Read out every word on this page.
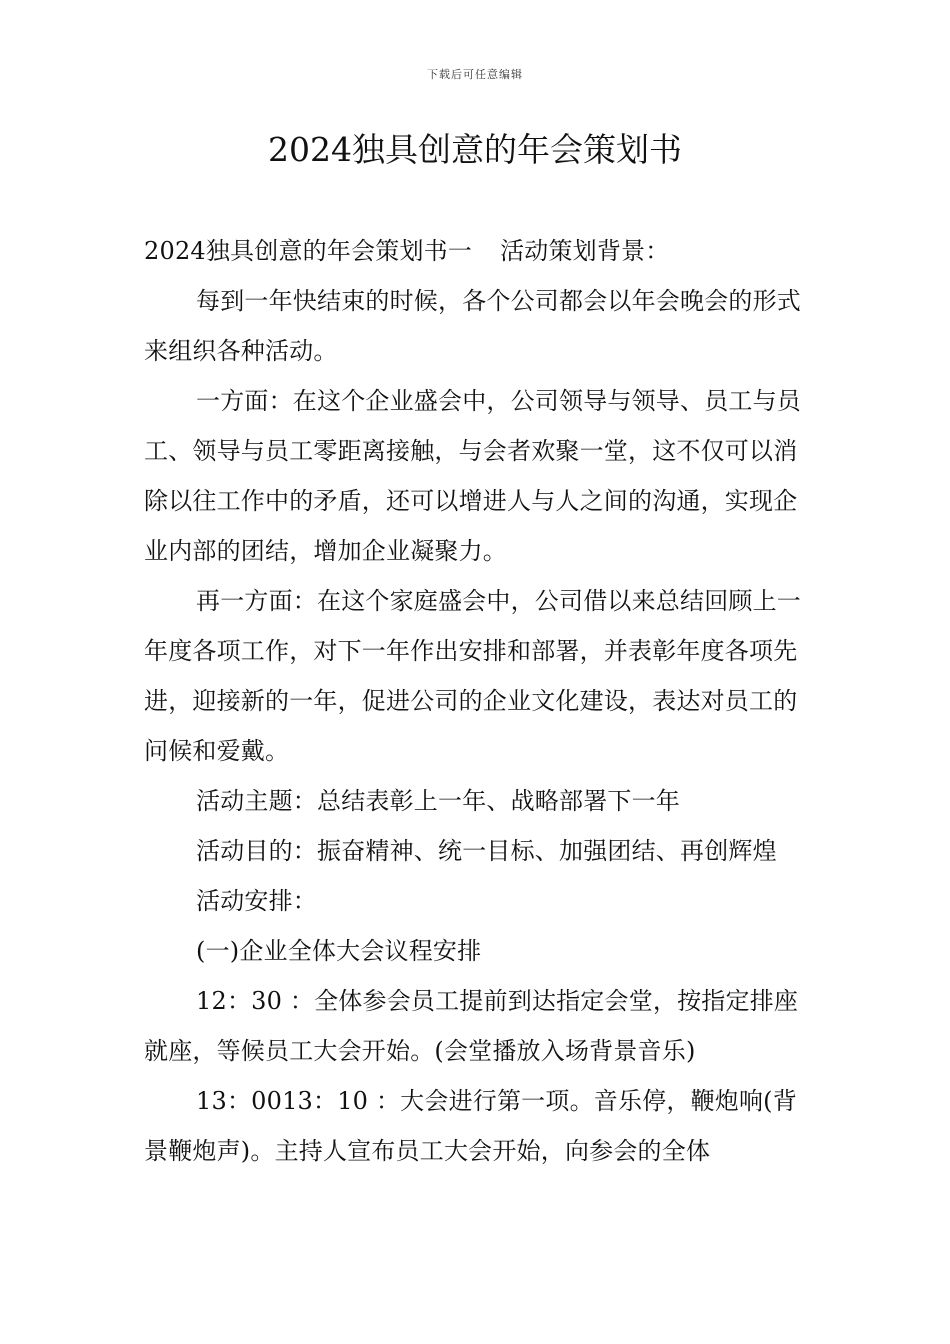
下载后可任意编辑
2024独具创意的年会策划书

2024独具创意的年会策划书一 活动策划背景：

每到一年快结束的时候，各个公司都会以年会晚会的形式来组织各种活动。

一方面：在这个企业盛会中，公司领导与领导、员工与员工、领导与员工零距离接触，与会者欢聚一堂，这不仅可以消除以往工作中的矛盾，还可以增进人与人之间的沟通，实现企业内部的团结，增加企业凝聚力。

再一方面：在这个家庭盛会中，公司借以来总结回顾上一年度各项工作，对下一年作出安排和部署，并表彰年度各项先进，迎接新的一年，促进公司的企业文化建设，表达对员工的问候和爱戴。

活动主题：总结表彰上一年、战略部署下一年

活动目的：振奋精神、统一目标、加强团结、再创辉煌

活动安排：

(一)企业全体大会议程安排

12：30 ：全体参会员工提前到达指定会堂，按指定排座就座，等候员工大会开始。(会堂播放入场背景音乐)

13：0013：10 ：大会进行第一项。音乐停，鞭炮响(背景鞭炮声)。主持人宣布员工大会开始，向参会的全体
